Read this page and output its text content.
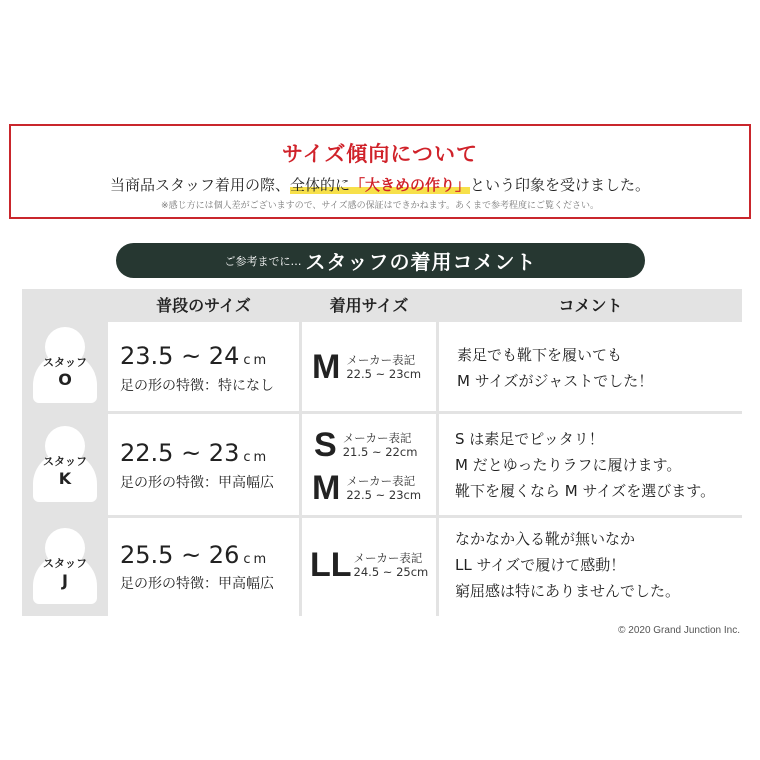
サイズ傾向について
当商品スタッフ着用の際、全体的に「大きめの作り」という印象を受けました。
※感じ方には個人差がございますので、サイズ感の保証はできかねます。あくまで参考程度にご覧ください。
ご参考までに… スタッフの着用コメント
普段のサイズ	着用サイズ	コメント
スタッフ
O
23.5 ~ 24 cm
足の形の特徴：特になし M メーカー表記
22.5 ~ 23cm
素足でも靴下を履いても
M サイズがジャストでした！
スタッフ
K
22.5 ~ 23 cm
足の形の特徴：甲高幅広
S メーカー表記
21.5 ~ 22cm
M メーカー表記
22.5 ~ 23cm
S は素足でピッタリ！
M だとゆったりラフに履けます。
靴下を履くなら M サイズを選びます。
スタッフ
J
25.5 ~ 26 cm
足の形の特徴：甲高幅広 LL メーカー表記
24.5 ~ 25cm
なかなか入る靴が無いなか
LL サイズで履けて感動！
窮屈感は特にありませんでした。
© 2020 Grand Junction Inc.
